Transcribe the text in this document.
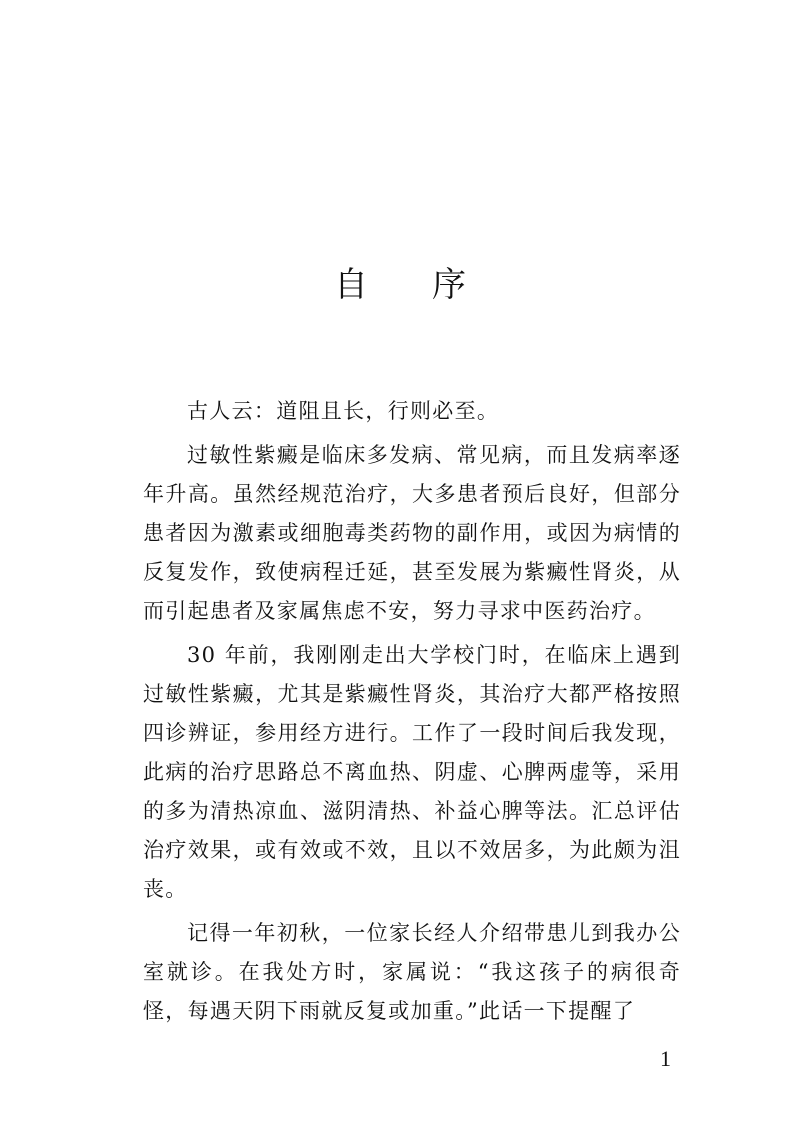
自 序

古人云：道阻且长，行则必至。

过敏性紫癜是临床多发病、常见病，而且发病率逐年升高。虽然经规范治疗，大多患者预后良好，但部分患者因为激素或细胞毒类药物的副作用，或因为病情的反复发作，致使病程迁延，甚至发展为紫癜性肾炎，从而引起患者及家属焦虑不安，努力寻求中医药治疗。

30 年前，我刚刚走出大学校门时，在临床上遇到过敏性紫癜，尤其是紫癜性肾炎，其治疗大都严格按照四诊辨证，参用经方进行。工作了一段时间后我发现，此病的治疗思路总不离血热、阴虚、心脾两虚等，采用的多为清热凉血、滋阴清热、补益心脾等法。汇总评估治疗效果，或有效或不效，且以不效居多，为此颇为沮丧。

记得一年初秋，一位家长经人介绍带患儿到我办公室就诊。在我处方时，家属说：“我这孩子的病很奇怪，每遇天阴下雨就反复或加重。”此话一下提醒了

1
